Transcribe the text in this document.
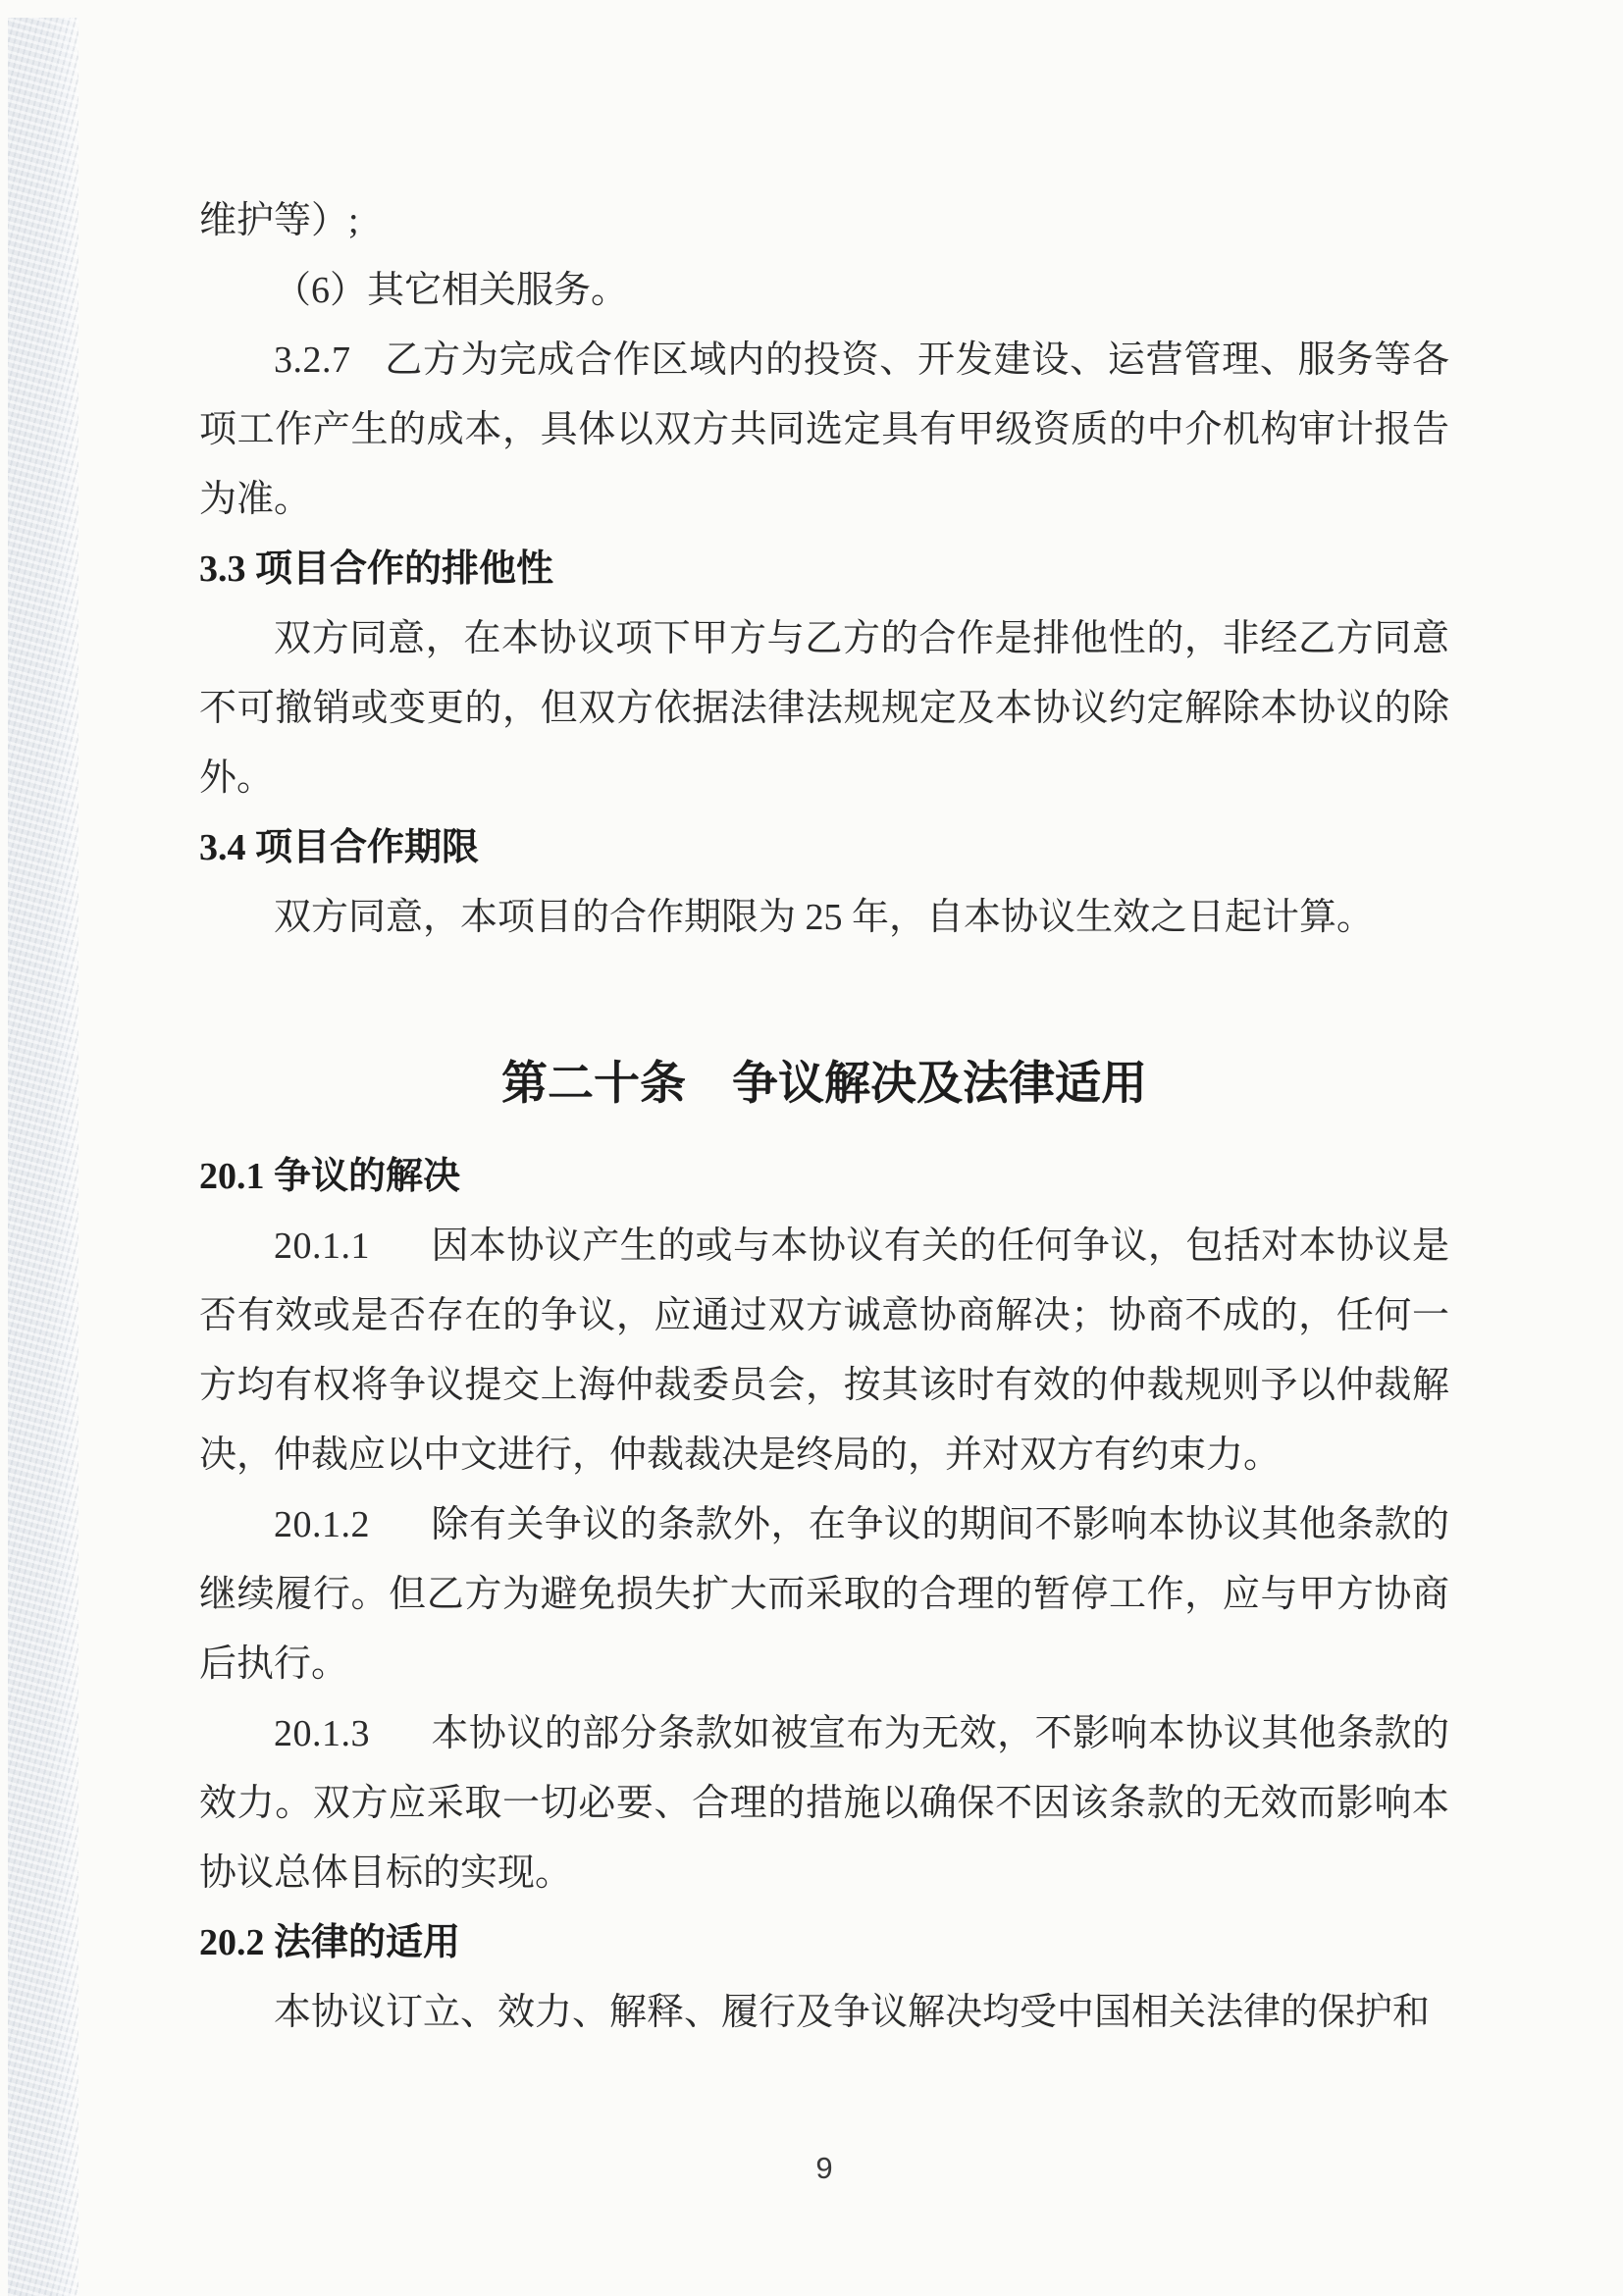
维护等）;

（6）其它相关服务。

3.2.7 乙方为完成合作区域内的投资、开发建设、运营管理、服务等各项工作产生的成本，具体以双方共同选定具有甲级资质的中介机构审计报告为准。

3.3 项目合作的排他性

双方同意，在本协议项下甲方与乙方的合作是排他性的，非经乙方同意不可撤销或变更的，但双方依据法律法规规定及本协议约定解除本协议的除外。

3.4 项目合作期限

双方同意，本项目的合作期限为 25 年，自本协议生效之日起计算。

第二十条　争议解决及法律适用

20.1 争议的解决

20.1.1 因本协议产生的或与本协议有关的任何争议，包括对本协议是否有效或是否存在的争议，应通过双方诚意协商解决；协商不成的，任何一方均有权将争议提交上海仲裁委员会，按其该时有效的仲裁规则予以仲裁解决，仲裁应以中文进行，仲裁裁决是终局的，并对双方有约束力。

20.1.2 除有关争议的条款外，在争议的期间不影响本协议其他条款的继续履行。但乙方为避免损失扩大而采取的合理的暂停工作，应与甲方协商后执行。

20.1.3 本协议的部分条款如被宣布为无效，不影响本协议其他条款的效力。双方应采取一切必要、合理的措施以确保不因该条款的无效而影响本协议总体目标的实现。

20.2 法律的适用

本协议订立、效力、解释、履行及争议解决均受中国相关法律的保护和

9
